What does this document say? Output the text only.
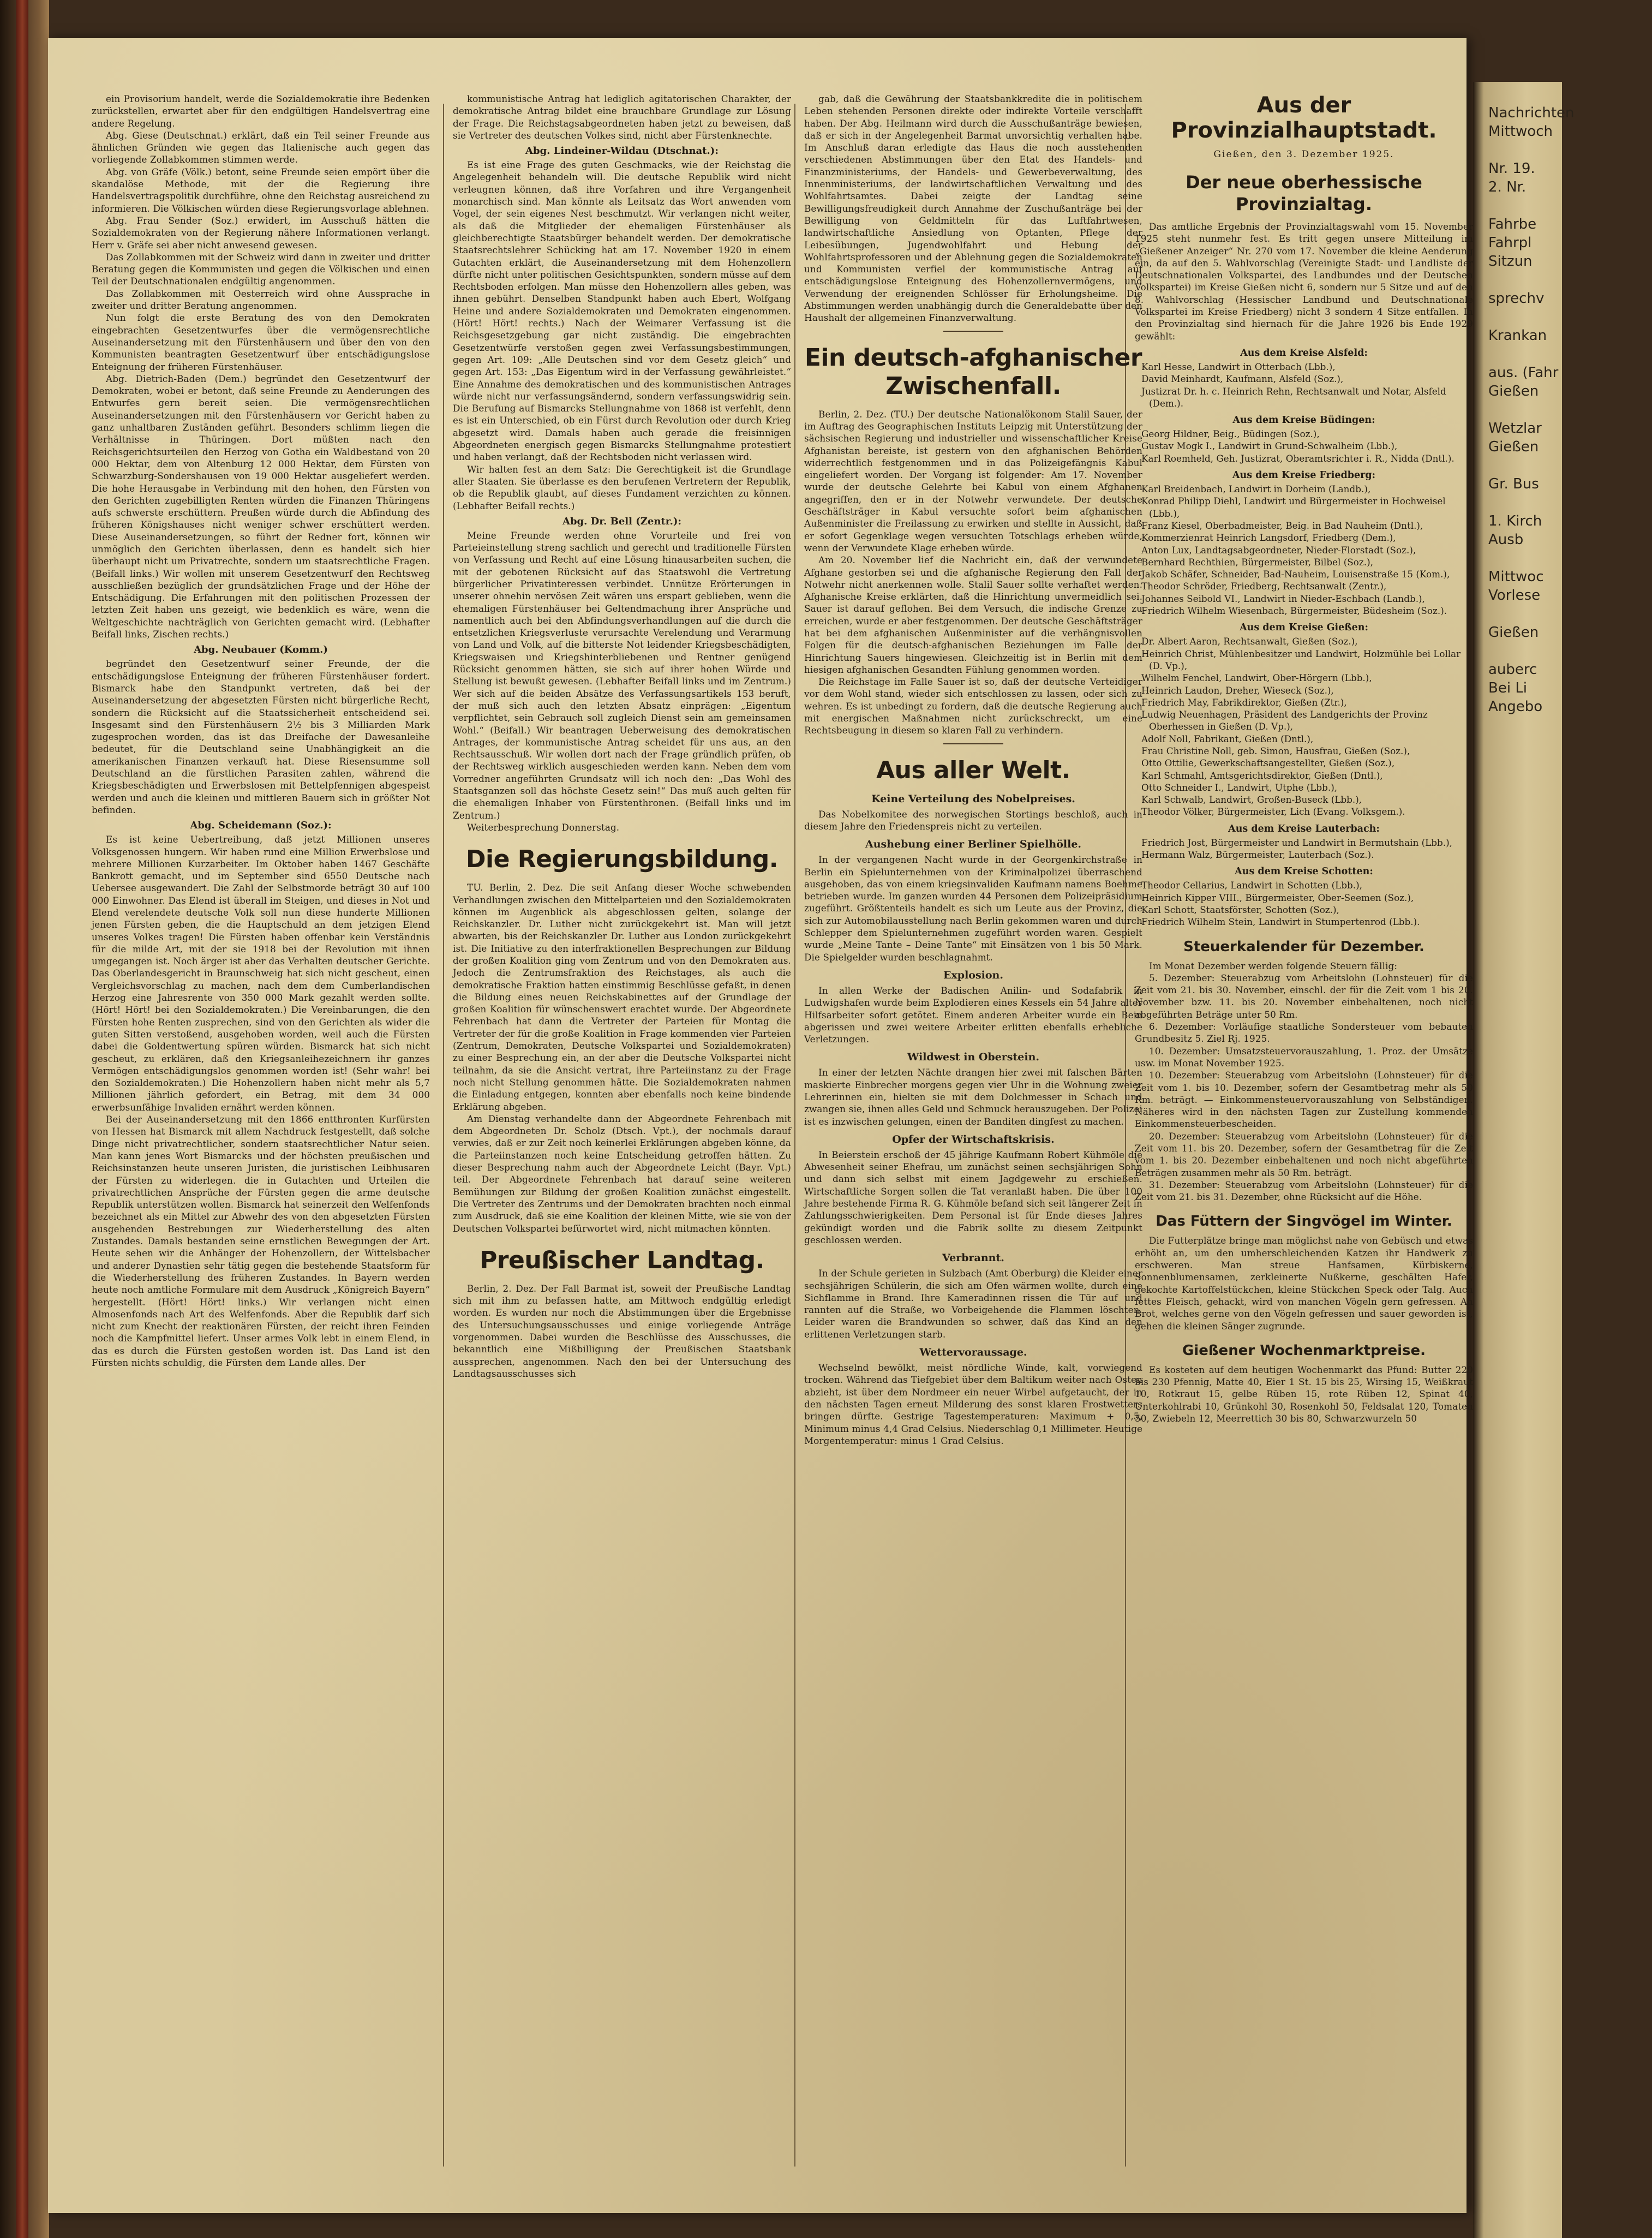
Nachrichten
Mittwoch
Nr. 19.
2. Nr.
Fahrbe
Fahrpl
Sitzun
sprechv
Krankan
aus. (Fahr
Gießen
Wetzlar
Gießen
Gr. Bus
1. Kirch
Ausb
Mittwoc
Vorlese
Gießen
auberc
Bei Li
Angebo

ein Provisorium handelt, werde die Sozialdemokratie ihre Bedenken zurückstellen, erwartet aber für den endgültigen Handelsvertrag eine andere Regelung.

Abg. Giese (Deutschnat.) erklärt, daß ein Teil seiner Freunde aus ähnlichen Gründen wie gegen das Italienische auch gegen das vorliegende Zollabkommen stimmen werde.

Abg. von Gräfe (Völk.) betont, seine Freunde seien empört über die skandalöse Methode, mit der die Regierung ihre Handelsvertragspolitik durchführe, ohne den Reichstag ausreichend zu informieren. Die Völkischen würden diese Regierungsvorlage ablehnen.

Abg. Frau Sender (Soz.) erwidert, im Ausschuß hätten die Sozialdemokraten von der Regierung nähere Informationen verlangt. Herr v. Gräfe sei aber nicht anwesend gewesen.

Das Zollabkommen mit der Schweiz wird dann in zweiter und dritter Beratung gegen die Kommunisten und gegen die Völkischen und einen Teil der Deutschnationalen endgültig angenommen.

Das Zollabkommen mit Oesterreich wird ohne Aussprache in zweiter und dritter Beratung angenommen.

Nun folgt die erste Beratung des von den Demokraten eingebrachten Gesetzentwurfes über die vermögensrechtliche Auseinandersetzung mit den Fürstenhäusern und über den von den Kommunisten beantragten Gesetzentwurf über entschädigungslose Enteignung der früheren Fürstenhäuser.

Abg. Dietrich-Baden (Dem.) begründet den Gesetzentwurf der Demokraten, wobei er betont, daß seine Freunde zu Aenderungen des Entwurfes gern bereit seien. Die vermögensrechtlichen Auseinandersetzungen mit den Fürstenhäusern vor Gericht haben zu ganz unhaltbaren Zuständen geführt. Besonders schlimm liegen die Verhältnisse in Thüringen. Dort müßten nach den Reichsgerichtsurteilen den Herzog von Gotha ein Waldbestand von 20 000 Hektar, dem von Altenburg 12 000 Hektar, dem Fürsten von Schwarzburg-Sondershausen von 19 000 Hektar ausgeliefert werden. Die hohe Herausgabe in Verbindung mit den hohen, den Fürsten von den Gerichten zugebilligten Renten würden die Finanzen Thüringens aufs schwerste erschüttern. Preußen würde durch die Abfindung des früheren Königshauses nicht weniger schwer erschüttert werden. Diese Auseinandersetzungen, so führt der Redner fort, können wir unmöglich den Gerichten überlassen, denn es handelt sich hier überhaupt nicht um Privatrechte, sondern um staatsrechtliche Fragen. (Beifall links.) Wir wollen mit unserem Gesetzentwurf den Rechtsweg ausschließen bezüglich der grundsätzlichen Frage und der Höhe der Entschädigung. Die Erfahrungen mit den politischen Prozessen der letzten Zeit haben uns gezeigt, wie bedenklich es wäre, wenn die Weltgeschichte nachträglich von Gerichten gemacht wird. (Lebhafter Beifall links, Zischen rechts.)

Abg. Neubauer (Komm.)

begründet den Gesetzentwurf seiner Freunde, der die entschädigungslose Enteignung der früheren Fürstenhäuser fordert. Bismarck habe den Standpunkt vertreten, daß bei der Auseinandersetzung der abgesetzten Fürsten nicht bürgerliche Recht, sondern die Rücksicht auf die Staatssicherheit entscheidend sei. Insgesamt sind den Fürstenhäusern 2½ bis 3 Milliarden Mark zugesprochen worden, das ist das Dreifache der Dawesanleihe bedeutet, für die Deutschland seine Unabhängigkeit an die amerikanischen Finanzen verkauft hat. Diese Riesensumme soll Deutschland an die fürstlichen Parasiten zahlen, während die Kriegsbeschädigten und Erwerbslosen mit Bettelpfennigen abgespeist werden und auch die kleinen und mittleren Bauern sich in größter Not befinden.

Abg. Scheidemann (Soz.):

Es ist keine Uebertreibung, daß jetzt Millionen unseres Volksgenossen hungern. Wir haben rund eine Million Erwerbslose und mehrere Millionen Kurzarbeiter. Im Oktober haben 1467 Geschäfte Bankrott gemacht, und im September sind 6550 Deutsche nach Uebersee ausgewandert. Die Zahl der Selbstmorde beträgt 30 auf 100 000 Einwohner. Das Elend ist überall im Steigen, und dieses in Not und Elend verelendete deutsche Volk soll nun diese hunderte Millionen jenen Fürsten geben, die die Hauptschuld an dem jetzigen Elend unseres Volkes tragen! Die Fürsten haben offenbar kein Verständnis für die milde Art, mit der sie 1918 bei der Revolution mit ihnen umgegangen ist. Noch ärger ist aber das Verhalten deutscher Gerichte. Das Oberlandesgericht in Braunschweig hat sich nicht gescheut, einen Vergleichsvorschlag zu machen, nach dem dem Cumberlandischen Herzog eine Jahresrente von 350 000 Mark gezahlt werden sollte. (Hört! Hört! bei den Sozialdemokraten.) Die Vereinbarungen, die den Fürsten hohe Renten zusprechen, sind von den Gerichten als wider die guten Sitten verstoßend, ausgehoben worden, weil auch die Fürsten dabei die Goldentwertung spüren würden. Bismarck hat sich nicht gescheut, zu erklären, daß den Kriegsanleihezeichnern ihr ganzes Vermögen entschädigungslos genommen worden ist! (Sehr wahr! bei den Sozialdemokraten.) Die Hohenzollern haben nicht mehr als 5,7 Millionen jährlich gefordert, ein Betrag, mit dem 34 000 erwerbsunfähige Invaliden ernährt werden können.

Bei der Auseinandersetzung mit den 1866 entthronten Kurfürsten von Hessen hat Bismarck mit allem Nachdruck festgestellt, daß solche Dinge nicht privatrechtlicher, sondern staatsrechtlicher Natur seien. Man kann jenes Wort Bismarcks und der höchsten preußischen und Reichsinstanzen heute unseren Juristen, die juristischen Leibhusaren der Fürsten zu widerlegen. die in Gutachten und Urteilen die privatrechtlichen Ansprüche der Fürsten gegen die arme deutsche Republik unterstützen wollen. Bismarck hat seinerzeit den Welfenfonds bezeichnet als ein Mittel zur Abwehr des von den abgesetzten Fürsten ausgehenden Bestrebungen zur Wiederherstellung des alten Zustandes. Damals bestanden seine ernstlichen Bewegungen der Art. Heute sehen wir die Anhänger der Hohenzollern, der Wittelsbacher und anderer Dynastien sehr tätig gegen die bestehende Staatsform für die Wiederherstellung des früheren Zustandes. In Bayern werden heute noch amtliche Formulare mit dem Ausdruck „Königreich Bayern“ hergestellt. (Hört! Hört! links.) Wir verlangen nicht einen Almosenfonds nach Art des Welfenfonds. Aber die Republik darf sich nicht zum Knecht der reaktionären Fürsten, der reicht ihren Feinden noch die Kampfmittel liefert. Unser armes Volk lebt in einem Elend, in das es durch die Fürsten gestoßen worden ist. Das Land ist den Fürsten nichts schuldig, die Fürsten dem Lande alles. Der

kommunistische Antrag hat lediglich agitatorischen Charakter, der demokratische Antrag bildet eine brauchbare Grundlage zur Lösung der Frage. Die Reichstagsabgeordneten haben jetzt zu beweisen, daß sie Vertreter des deutschen Volkes sind, nicht aber Fürstenknechte.

Abg. Lindeiner-Wildau (Dtschnat.):

Es ist eine Frage des guten Geschmacks, wie der Reichstag die Angelegenheit behandeln will. Die deutsche Republik wird nicht verleugnen können, daß ihre Vorfahren und ihre Vergangenheit monarchisch sind. Man könnte als Leitsatz das Wort anwenden vom Vogel, der sein eigenes Nest beschmutzt. Wir verlangen nicht weiter, als daß die Mitglieder der ehemaligen Fürstenhäuser als gleichberechtigte Staatsbürger behandelt werden. Der demokratische Staatsrechtslehrer Schücking hat am 17. November 1920 in einem Gutachten erklärt, die Auseinandersetzung mit dem Hohenzollern dürfte nicht unter politischen Gesichtspunkten, sondern müsse auf dem Rechtsboden erfolgen. Man müsse den Hohenzollern alles geben, was ihnen gebührt. Denselben Standpunkt haben auch Ebert, Wolfgang Heine und andere Sozialdemokraten und Demokraten eingenommen. (Hört! Hört! rechts.) Nach der Weimarer Verfassung ist die Reichsgesetzgebung gar nicht zuständig. Die eingebrachten Gesetzentwürfe verstoßen gegen zwei Verfassungsbestimmungen, gegen Art. 109: „Alle Deutschen sind vor dem Gesetz gleich“ und gegen Art. 153: „Das Eigentum wird in der Verfassung gewährleistet.“ Eine Annahme des demokratischen und des kommunistischen Antrages würde nicht nur verfassungsändernd, sondern verfassungswidrig sein. Die Berufung auf Bismarcks Stellungnahme von 1868 ist verfehlt, denn es ist ein Unterschied, ob ein Fürst durch Revolution oder durch Krieg abgesetzt wird. Damals haben auch gerade die freisinnigen Abgeordneten energisch gegen Bismarcks Stellungnahme protestiert und haben verlangt, daß der Rechtsboden nicht verlassen wird.

Wir halten fest an dem Satz: Die Gerechtigkeit ist die Grundlage aller Staaten. Sie überlasse es den berufenen Vertretern der Republik, ob die Republik glaubt, auf dieses Fundament verzichten zu können. (Lebhafter Beifall rechts.)

Abg. Dr. Bell (Zentr.):

Meine Freunde werden ohne Vorurteile und frei von Parteieinstellung streng sachlich und gerecht und traditionelle Fürsten von Verfassung und Recht auf eine Lösung hinausarbeiten suchen, die mit der gebotenen Rücksicht auf das Staatswohl die Vertretung bürgerlicher Privatinteressen verbindet. Unnütze Erörterungen in unserer ohnehin nervösen Zeit wären uns erspart geblieben, wenn die ehemaligen Fürstenhäuser bei Geltendmachung ihrer Ansprüche und namentlich auch bei den Abfindungsverhandlungen auf die durch die entsetzlichen Kriegsverluste verursachte Verelendung und Verarmung von Land und Volk, auf die bitterste Not leidender Kriegsbeschädigten, Kriegswaisen und Kriegshinterbliebenen und Rentner genügend Rücksicht genommen hätten, sie sich auf ihrer hohen Würde und Stellung ist bewußt gewesen. (Lebhafter Beifall links und im Zentrum.) Wer sich auf die beiden Absätze des Verfassungsartikels 153 beruft, der muß sich auch den letzten Absatz einprägen: „Eigentum verpflichtet, sein Gebrauch soll zugleich Dienst sein am gemeinsamen Wohl.“ (Beifall.) Wir beantragen Ueberweisung des demokratischen Antrages, der kommunistische Antrag scheidet für uns aus, an den Rechtsausschuß. Wir wollen dort nach der Frage gründlich prüfen, ob der Rechtsweg wirklich ausgeschieden werden kann. Neben dem vom Vorredner angeführten Grundsatz will ich noch den: „Das Wohl des Staatsganzen soll das höchste Gesetz sein!“ Das muß auch gelten für die ehemaligen Inhaber von Fürstenthronen. (Beifall links und im Zentrum.)

Weiterbesprechung Donnerstag.

Die Regierungsbildung.

TU. Berlin, 2. Dez. Die seit Anfang dieser Woche schwebenden Verhandlungen zwischen den Mittelparteien und den Sozialdemokraten können im Augenblick als abgeschlossen gelten, solange der Reichskanzler. Dr. Luther nicht zurückgekehrt ist. Man will jetzt abwarten, bis der Reichskanzler Dr. Luther aus London zurückgekehrt ist. Die Initiative zu den interfraktionellen Besprechungen zur Bildung der großen Koalition ging vom Zentrum und von den Demokraten aus. Jedoch die Zentrumsfraktion des Reichstages, als auch die demokratische Fraktion hatten einstimmig Beschlüsse gefaßt, in denen die Bildung eines neuen Reichskabinettes auf der Grundlage der großen Koalition für wünschenswert erachtet wurde. Der Abgeordnete Fehrenbach hat dann die Vertreter der Parteien für Montag die Vertreter der für die große Koalition in Frage kommenden vier Parteien (Zentrum, Demokraten, Deutsche Volkspartei und Sozialdemokraten) zu einer Besprechung ein, an der aber die Deutsche Volkspartei nicht teilnahm, da sie die Ansicht vertrat, ihre Parteiinstanz zu der Frage noch nicht Stellung genommen hätte. Die Sozialdemokraten nahmen die Einladung entgegen, konnten aber ebenfalls noch keine bindende Erklärung abgeben.

Am Dienstag verhandelte dann der Abgeordnete Fehrenbach mit dem Abgeordneten Dr. Scholz (Dtsch. Vpt.), der nochmals darauf verwies, daß er zur Zeit noch keinerlei Erklärungen abgeben könne, da die Parteiinstanzen noch keine Entscheidung getroffen hätten. Zu dieser Besprechung nahm auch der Abgeordnete Leicht (Bayr. Vpt.) teil. Der Abgeordnete Fehrenbach hat darauf seine weiteren Bemühungen zur Bildung der großen Koalition zunächst eingestellt. Die Vertreter des Zentrums und der Demokraten brachten noch einmal zum Ausdruck, daß sie eine Koalition der kleinen Mitte, wie sie von der Deutschen Volkspartei befürwortet wird, nicht mitmachen könnten.

Preußischer Landtag.

Berlin, 2. Dez. Der Fall Barmat ist, soweit der Preußische Landtag sich mit ihm zu befassen hatte, am Mittwoch endgültig erledigt worden. Es wurden nur noch die Abstimmungen über die Ergebnisse des Untersuchungsausschusses und einige vorliegende Anträge vorgenommen. Dabei wurden die Beschlüsse des Ausschusses, die bekanntlich eine Mißbilligung der Preußischen Staatsbank aussprechen, angenommen. Nach den bei der Untersuchung des Landtagsausschusses sich

gab, daß die Gewährung der Staatsbankkredite die in politischem Leben stehenden Personen direkte oder indirekte Vorteile verschafft haben. Der Abg. Heilmann wird durch die Ausschußanträge bewiesen, daß er sich in der Angelegenheit Barmat unvorsichtig verhalten habe. Im Anschluß daran erledigte das Haus die noch ausstehenden verschiedenen Abstimmungen über den Etat des Handels- und Finanzministeriums, der Handels- und Gewerbeverwaltung, des Innenministeriums, der landwirtschaftlichen Verwaltung und des Wohlfahrtsamtes. Dabei zeigte der Landtag seine Bewilligungsfreudigkeit durch Annahme der Zuschußanträge bei der Bewilligung von Geldmitteln für das Luftfahrtwesen, landwirtschaftliche Ansiedlung von Optanten, Pflege der Leibesübungen, Jugendwohlfahrt und Hebung der Wohlfahrtsprofessoren und der Ablehnung gegen die Sozialdemokraten und Kommunisten verfiel der kommunistische Antrag auf entschädigungslose Enteignung des Hohenzollernvermögens, und Verwendung der ereignenden Schlösser für Erholungsheime. Die Abstimmungen werden unabhängig durch die Generaldebatte über den Haushalt der allgemeinen Finanzverwaltung.

Ein deutsch-afghanischer Zwischenfall.

Berlin, 2. Dez. (TU.) Der deutsche Nationalökonom Stalil Sauer, der im Auftrag des Geographischen Instituts Leipzig mit Unterstützung der sächsischen Regierung und industrieller und wissenschaftlicher Kreise Afghanistan bereiste, ist gestern von den afghanischen Behörden widerrechtlich festgenommen und in das Polizeigefängnis Kabul eingeliefert worden. Der Vorgang ist folgender: Am 17. November wurde der deutsche Gelehrte bei Kabul von einem Afghanen angegriffen, den er in der Notwehr verwundete. Der deutsche Geschäftsträger in Kabul versuchte sofort beim afghanischen Außenminister die Freilassung zu erwirken und stellte in Aussicht, daß er sofort Gegenklage wegen versuchten Totschlags erheben würde, wenn der Verwundete Klage erheben würde.

Am 20. November lief die Nachricht ein, daß der verwundete Afghane gestorben sei und die afghanische Regierung den Fall der Notwehr nicht anerkennen wolle. Stalil Sauer sollte verhaftet werden. Afghanische Kreise erklärten, daß die Hinrichtung unvermeidlich sei. Sauer ist darauf geflohen. Bei dem Versuch, die indische Grenze zu erreichen, wurde er aber festgenommen. Der deutsche Geschäftsträger hat bei dem afghanischen Außenminister auf die verhängnisvollen Folgen für die deutsch-afghanischen Beziehungen im Falle der Hinrichtung Sauers hingewiesen. Gleichzeitig ist in Berlin mit dem hiesigen afghanischen Gesandten Fühlung genommen worden.

Die Reichstage im Falle Sauer ist so, daß der deutsche Verteidiger vor dem Wohl stand, wieder sich entschlossen zu lassen, oder sich zu wehren. Es ist unbedingt zu fordern, daß die deutsche Regierung auch mit energischen Maßnahmen nicht zurückschreckt, um eine Rechtsbeugung in diesem so klaren Fall zu verhindern.

Aus aller Welt.
Keine Verteilung des Nobelpreises.

Das Nobelkomitee des norwegischen Stortings beschloß, auch in diesem Jahre den Friedenspreis nicht zu verteilen.

Aushebung einer Berliner Spielhölle.

In der vergangenen Nacht wurde in der Georgenkirchstraße in Berlin ein Spielunternehmen von der Kriminalpolizei überraschend ausgehoben, das von einem kriegsinvaliden Kaufmann namens Boehme betrieben wurde. Im ganzen wurden 44 Personen dem Polizeipräsidium zugeführt. Größtenteils handelt es sich um Leute aus der Provinz, die sich zur Automobilausstellung nach Berlin gekommen waren und durch Schlepper dem Spielunternehmen zugeführt worden waren. Gespielt wurde „Meine Tante – Deine Tante“ mit Einsätzen von 1 bis 50 Mark. Die Spielgelder wurden beschlagnahmt.

Explosion.

In allen Werke der Badischen Anilin- und Sodafabrik in Ludwigshafen wurde beim Explodieren eines Kessels ein 54 Jahre alter Hilfsarbeiter sofort getötet. Einem anderen Arbeiter wurde ein Bein abgerissen und zwei weitere Arbeiter erlitten ebenfalls erhebliche Verletzungen.

Wildwest in Oberstein.

In einer der letzten Nächte drangen hier zwei mit falschen Bärten maskierte Einbrecher morgens gegen vier Uhr in die Wohnung zweier Lehrerinnen ein, hielten sie mit dem Dolchmesser in Schach und zwangen sie, ihnen alles Geld und Schmuck herauszugeben. Der Polizei ist es inzwischen gelungen, einen der Banditen dingfest zu machen.

Opfer der Wirtschaftskrisis.

In Beierstein erschoß der 45 jährige Kaufmann Robert Kühmöle die Abwesenheit seiner Ehefrau, um zunächst seinen sechsjährigen Sohn und dann sich selbst mit einem Jagdgewehr zu erschießen. Wirtschaftliche Sorgen sollen die Tat veranlaßt haben. Die über 100 Jahre bestehende Firma R. G. Kühmöle befand sich seit längerer Zeit in Zahlungsschwierigkeiten. Dem Personal ist für Ende dieses Jahres gekündigt worden und die Fabrik sollte zu diesem Zeitpunkt geschlossen werden.

Verbrannt.

In der Schule gerieten in Sulzbach (Amt Oberburg) die Kleider einer sechsjährigen Schülerin, die sich am Ofen wärmen wollte, durch eine Sichflamme in Brand. Ihre Kameradinnen rissen die Tür auf und rannten auf die Straße, wo Vorbeigehende die Flammen löschten. Leider waren die Brandwunden so schwer, daß das Kind an den erlittenen Verletzungen starb.

Wettervoraussage.

Wechselnd bewölkt, meist nördliche Winde, kalt, vorwiegend trocken. Während das Tiefgebiet über dem Baltikum weiter nach Osten abzieht, ist über dem Nordmeer ein neuer Wirbel aufgetaucht, der in den nächsten Tagen erneut Milderung des sonst klaren Frostwetters bringen dürfte. Gestrige Tagestemperaturen: Maximum + 0,5, Minimum minus 4,4 Grad Celsius. Niederschlag 0,1 Millimeter. Heutige Morgentemperatur: minus 1 Grad Celsius.

Aus der Provinzialhauptstadt.
Gießen, den 3. Dezember 1925.
Der neue oberhessische Provinzialtag.

Das amtliche Ergebnis der Provinzialtagswahl vom 15. November 1925 steht nunmehr fest. Es tritt gegen unsere Mitteilung im „Gießener Anzeiger“ Nr. 270 vom 17. November die kleine Aenderung ein, da auf den 5. Wahlvorschlag (Vereinigte Stadt- und Landliste der Deutschnationalen Volkspartei, des Landbundes und der Deutschen Volkspartei) im Kreise Gießen nicht 6, sondern nur 5 Sitze und auf den 8. Wahlvorschlag (Hessischer Landbund und Deutschnationale Volkspartei im Kreise Friedberg) nicht 3 sondern 4 Sitze entfallen. In den Provinzialtag sind hiernach für die Jahre 1926 bis Ende 1929 gewählt:

Aus dem Kreise Alsfeld:

Karl Hesse, Landwirt in Otterbach (Lbb.),

David Meinhardt, Kaufmann, Alsfeld (Soz.),

Justizrat Dr. h. c. Heinrich Rehn, Rechtsanwalt und Notar, Alsfeld (Dem.).

Aus dem Kreise Büdingen:

Georg Hildner, Beig., Büdingen (Soz.),

Gustav Mogk I., Landwirt in Grund-Schwalheim (Lbb.),

Karl Roemheld, Geh. Justizrat, Oberamtsrichter i. R., Nidda (Dntl.).

Aus dem Kreise Friedberg:

Karl Breidenbach, Landwirt in Dorheim (Landb.),

Konrad Philipp Diehl, Landwirt und Bürgermeister in Hochweisel (Lbb.),

Franz Kiesel, Oberbadmeister, Beig. in Bad Nauheim (Dntl.),

Kommerzienrat Heinrich Langsdorf, Friedberg (Dem.),

Anton Lux, Landtagsabgeordneter, Nieder-Florstadt (Soz.),

Bernhard Rechthien, Bürgermeister, Bilbel (Soz.),

Jakob Schäfer, Schneider, Bad-Nauheim, Louisenstraße 15 (Kom.),

Theodor Schröder, Friedberg, Rechtsanwalt (Zentr.),

Johannes Seibold VI., Landwirt in Nieder-Eschbach (Landb.),

Friedrich Wilhelm Wiesenbach, Bürgermeister, Büdesheim (Soz.).

Aus dem Kreise Gießen:

Dr. Albert Aaron, Rechtsanwalt, Gießen (Soz.),

Heinrich Christ, Mühlenbesitzer und Landwirt, Holzmühle bei Lollar (D. Vp.),

Wilhelm Fenchel, Landwirt, Ober-Hörgern (Lbb.),

Heinrich Laudon, Dreher, Wieseck (Soz.),

Friedrich May, Fabrikdirektor, Gießen (Ztr.),

Ludwig Neuenhagen, Präsident des Landgerichts der Provinz Oberhessen in Gießen (D. Vp.),

Adolf Noll, Fabrikant, Gießen (Dntl.),

Frau Christine Noll, geb. Simon, Hausfrau, Gießen (Soz.),

Otto Ottilie, Gewerkschaftsangestellter, Gießen (Soz.),

Karl Schmahl, Amtsgerichtsdirektor, Gießen (Dntl.),

Otto Schneider I., Landwirt, Utphe (Lbb.),

Karl Schwalb, Landwirt, Großen-Buseck (Lbb.),

Theodor Völker, Bürgermeister, Lich (Evang. Volksgem.).

Aus dem Kreise Lauterbach:

Friedrich Jost, Bürgermeister und Landwirt in Bermutshain (Lbb.),

Hermann Walz, Bürgermeister, Lauterbach (Soz.).

Aus dem Kreise Schotten:

Theodor Cellarius, Landwirt in Schotten (Lbb.),

Heinrich Kipper VIII., Bürgermeister, Ober-Seemen (Soz.),

Karl Schott, Staatsförster, Schotten (Soz.),

Friedrich Wilhelm Stein, Landwirt in Stumpertenrod (Lbb.).

Steuerkalender für Dezember.

Im Monat Dezember werden folgende Steuern fällig:

5. Dezember: Steuerabzug vom Arbeitslohn (Lohnsteuer) für die Zeit vom 21. bis 30. November, einschl. der für die Zeit vom 1 bis 20. November bzw. 11. bis 20. November einbehaltenen, noch nicht abgeführten Beträge unter 50 Rm.

6. Dezember: Vorläufige staatliche Sondersteuer vom bebauten Grundbesitz 5. Ziel Rj. 1925.

10. Dezember: Umsatzsteuervorauszahlung, 1. Proz. der Umsätze usw. im Monat November 1925.

10. Dezember: Steuerabzug vom Arbeitslohn (Lohnsteuer) für die Zeit vom 1. bis 10. Dezember, sofern der Gesamtbetrag mehr als 50 Rm. beträgt. — Einkommensteuervorauszahlung von Selbständigen. Näheres wird in den nächsten Tagen zur Zustellung kommenden Einkommensteuerbescheiden.

20. Dezember: Steuerabzug vom Arbeitslohn (Lohnsteuer) für die Zeit vom 11. bis 20. Dezember, sofern der Gesamtbetrag für die Zeit vom 1. bis 20. Dezember einbehaltenen und noch nicht abgeführten Beträgen zusammen mehr als 50 Rm. beträgt.

31. Dezember: Steuerabzug vom Arbeitslohn (Lohnsteuer) für die Zeit vom 21. bis 31. Dezember, ohne Rücksicht auf die Höhe.

Das Füttern der Singvögel im Winter.

Die Futterplätze bringe man möglichst nahe von Gebüsch und etwas erhöht an, um den umherschleichenden Katzen ihr Handwerk zu erschweren. Man streue Hanfsamen, Kürbiskerne, Sonnenblumensamen, zerkleinerte Nußkerne, geschälten Hafer, gekochte Kartoffelstückchen, kleine Stückchen Speck oder Talg. Auch fettes Fleisch, gehackt, wird von manchen Vögeln gern gefressen. An Brot, welches gerne von den Vögeln gefressen und sauer geworden ist, gehen die kleinen Sänger zugrunde.

Gießener Wochenmarktpreise.

Es kosteten auf dem heutigen Wochenmarkt das Pfund: Butter 220 bis 230 Pfennig, Matte 40, Eier 1 St. 15 bis 25, Wirsing 15, Weißkraut 10, Rotkraut 15, gelbe Rüben 15, rote Rüben 12, Spinat 40, Unterkohlrabi 10, Grünkohl 30, Rosenkohl 50, Feldsalat 120, Tomaten 50, Zwiebeln 12, Meerrettich 30 bis 80, Schwarzwurzeln 50
